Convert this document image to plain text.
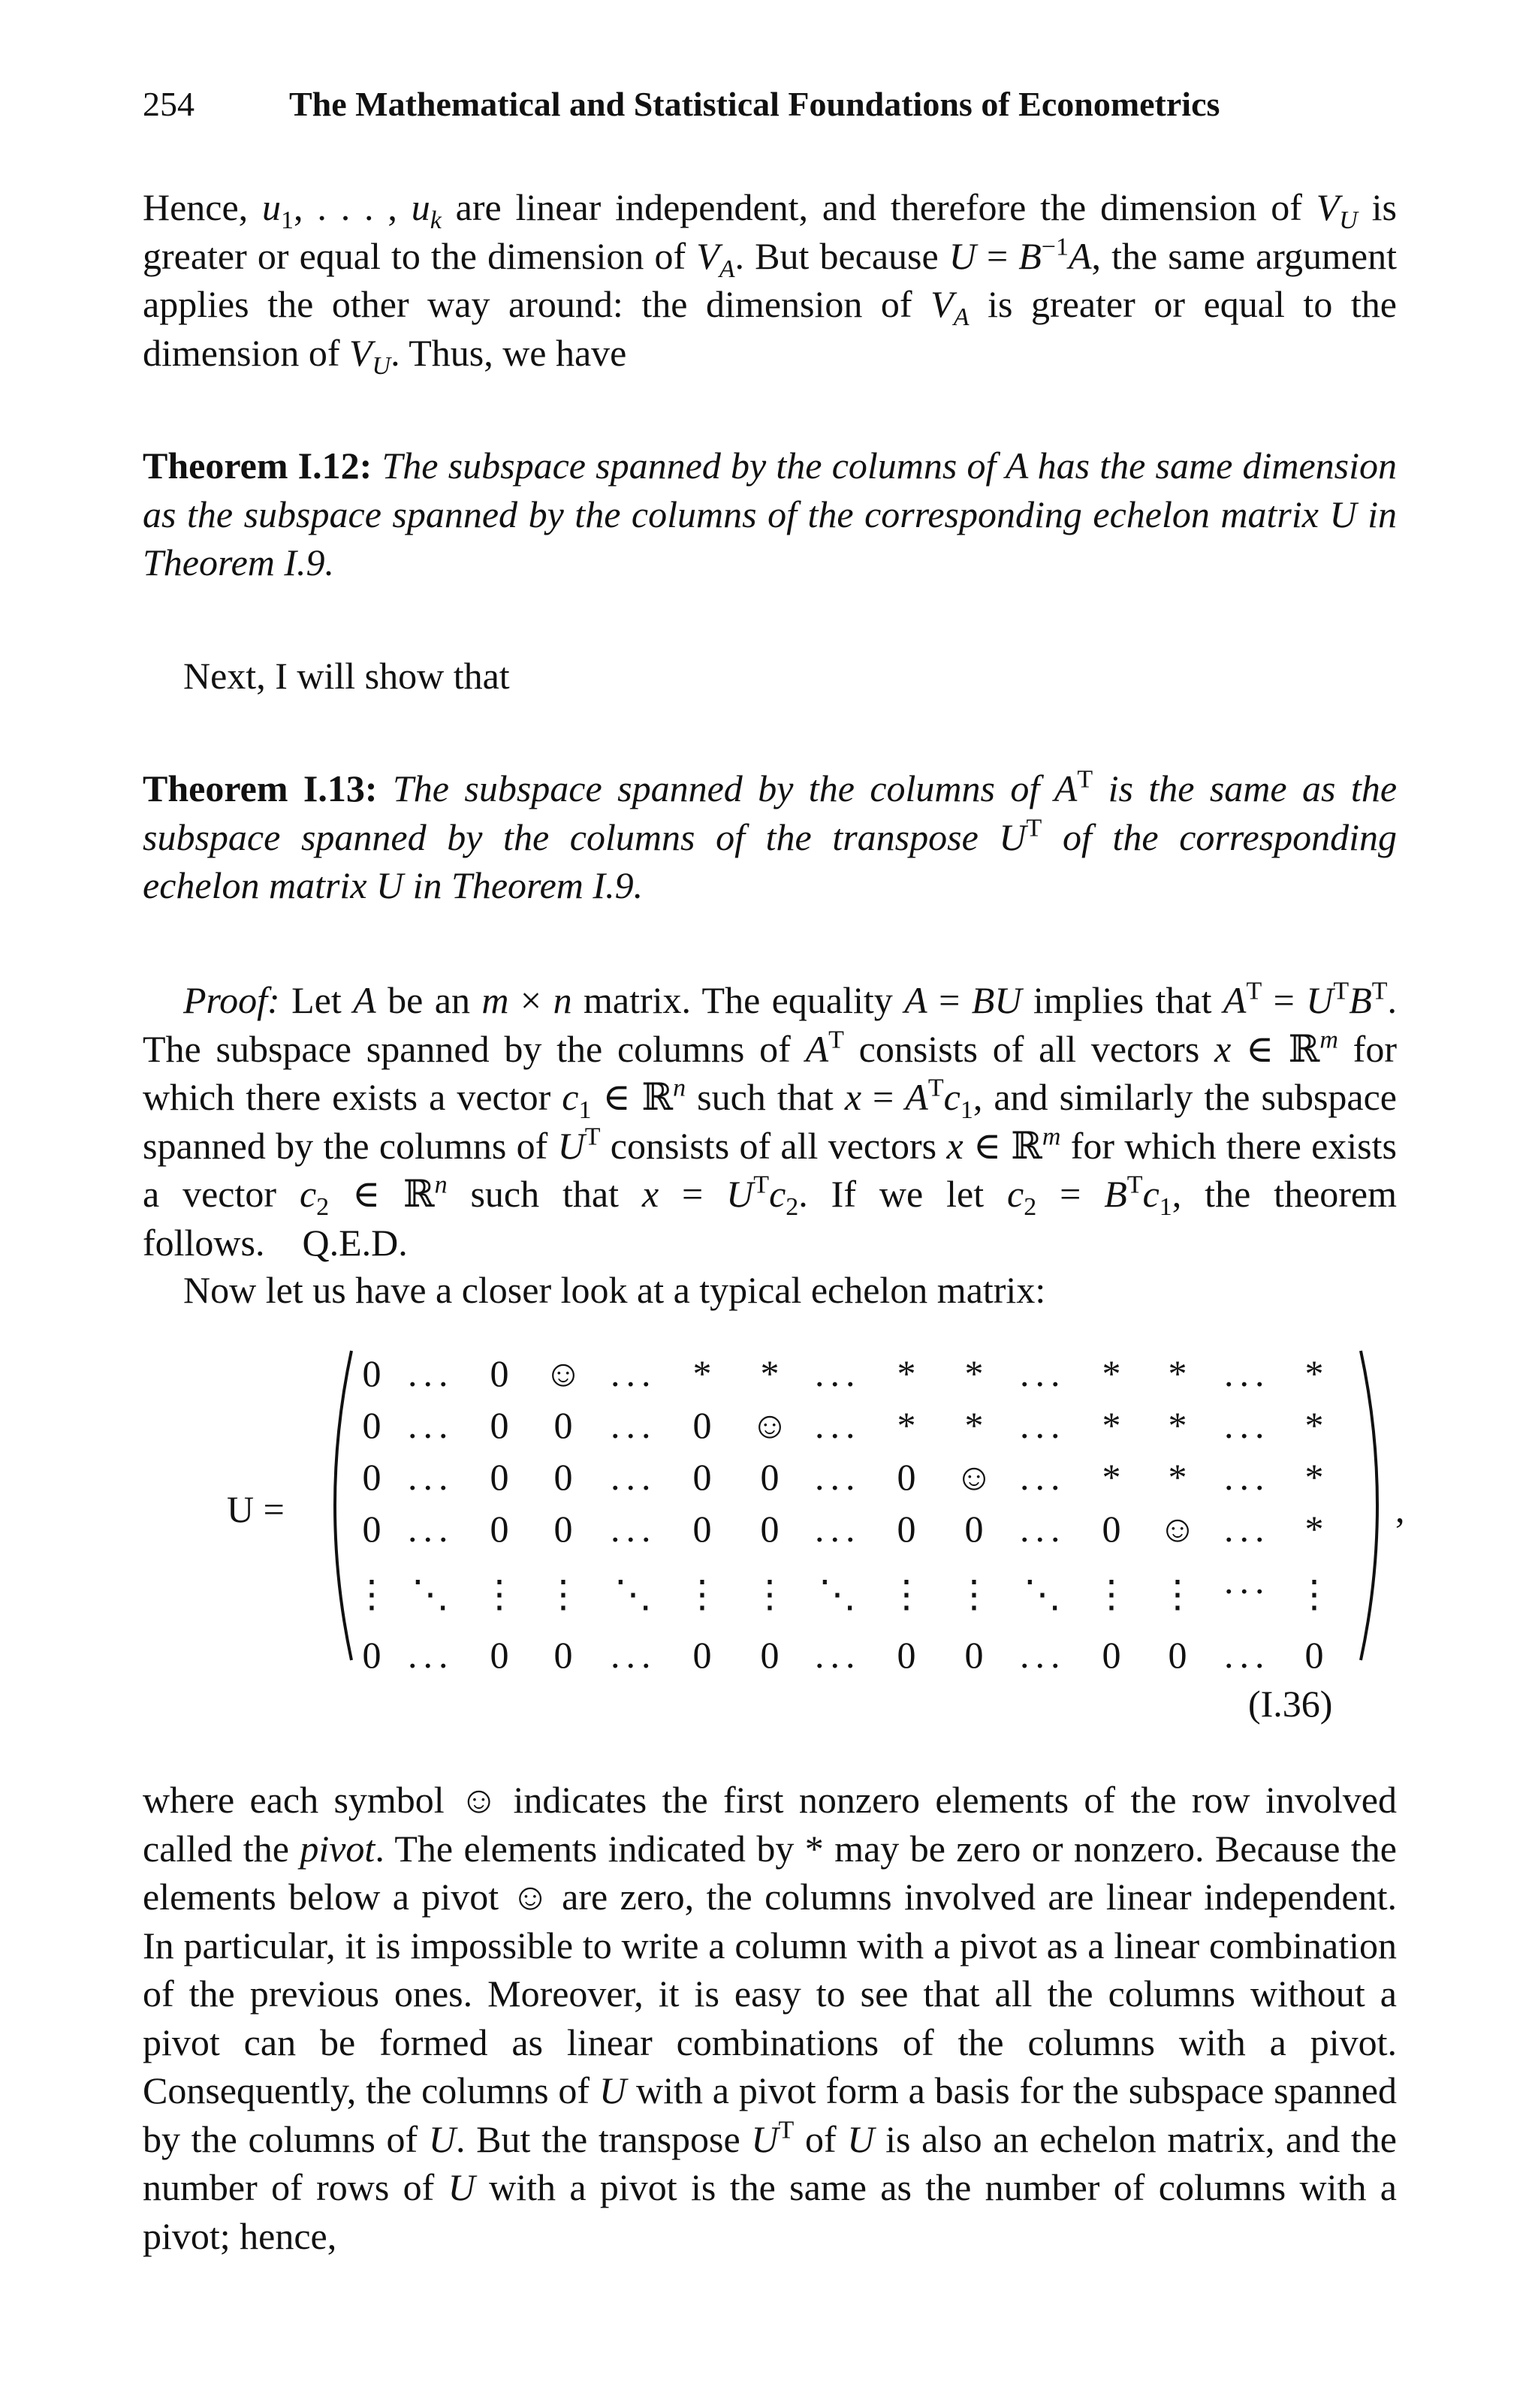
254	The Mathematical and Statistical Foundations of Econometrics

Hence, $u_1$, . . . , $u_k$ are linear independent, and therefore the dimension of $V_U$ is greater or equal to the dimension of $V_A$. But because $U = B^{-1}A$, the same argument applies the other way around: the dimension of $V_A$ is greater or equal to the dimension of $V_U$. Thus, we have

Theorem I.12: The subspace spanned by the columns of A has the same dimension as the subspace spanned by the columns of the corresponding echelon matrix U in Theorem I.9.

Next, I will show that

Theorem I.13: The subspace spanned by the columns of $A^T$ is the same as the subspace spanned by the columns of the transpose $U^T$ of the corresponding echelon matrix U in Theorem I.9.

Proof: Let A be an m × n matrix. The equality A = BU implies that $A^T = U^TB^T$. The subspace spanned by the columns of $A^T$ consists of all vectors x ∈ ℝ$^m$ for which there exists a vector $c_1$ ∈ ℝ$^n$ such that $x = A^Tc_1$, and similarly the subspace spanned by the columns of $U^T$ consists of all vectors x ∈ ℝ$^m$ for which there exists a vector $c_2$ ∈ ℝ$^n$ such that $x = U^Tc_2$. If we let $c_2 = B^Tc_1$, the theorem follows. Q.E.D.

Now let us have a closer look at a typical echelon matrix:

U =
0 ... 0 ☺ ... *	* ... *	* ... *	* ... *
0 ... 0	0	... 0	☺ ... *	* ... *	* ... *
0 ... 0	0	... 0	0 ... 0	☺ ... *	* ... *
0 ... 0	0	... 0	0 ... 0	0 ... 0 ☺ ... *
⋮ ⋱ ⋮ ⋮ ⋱ ⋮ ⋮ ⋱ ⋮ ⋮ ⋱ ⋮ ⋮ ... ⋮
0 ... 0	0	... 0	0 ... 0	0 ... 0	0 ... 0
,
(I.36)

where each symbol ☺ indicates the first nonzero elements of the row involved called the pivot. The elements indicated by * may be zero or nonzero. Because the elements below a pivot ☺ are zero, the columns involved are linear independent. In particular, it is impossible to write a column with a pivot as a linear combination of the previous ones. Moreover, it is easy to see that all the columns without a pivot can be formed as linear combinations of the columns with a pivot. Consequently, the columns of U with a pivot form a basis for the subspace spanned by the columns of U. But the transpose $U^T$ of U is also an echelon matrix, and the number of rows of U with a pivot is the same as the number of columns with a pivot; hence,
